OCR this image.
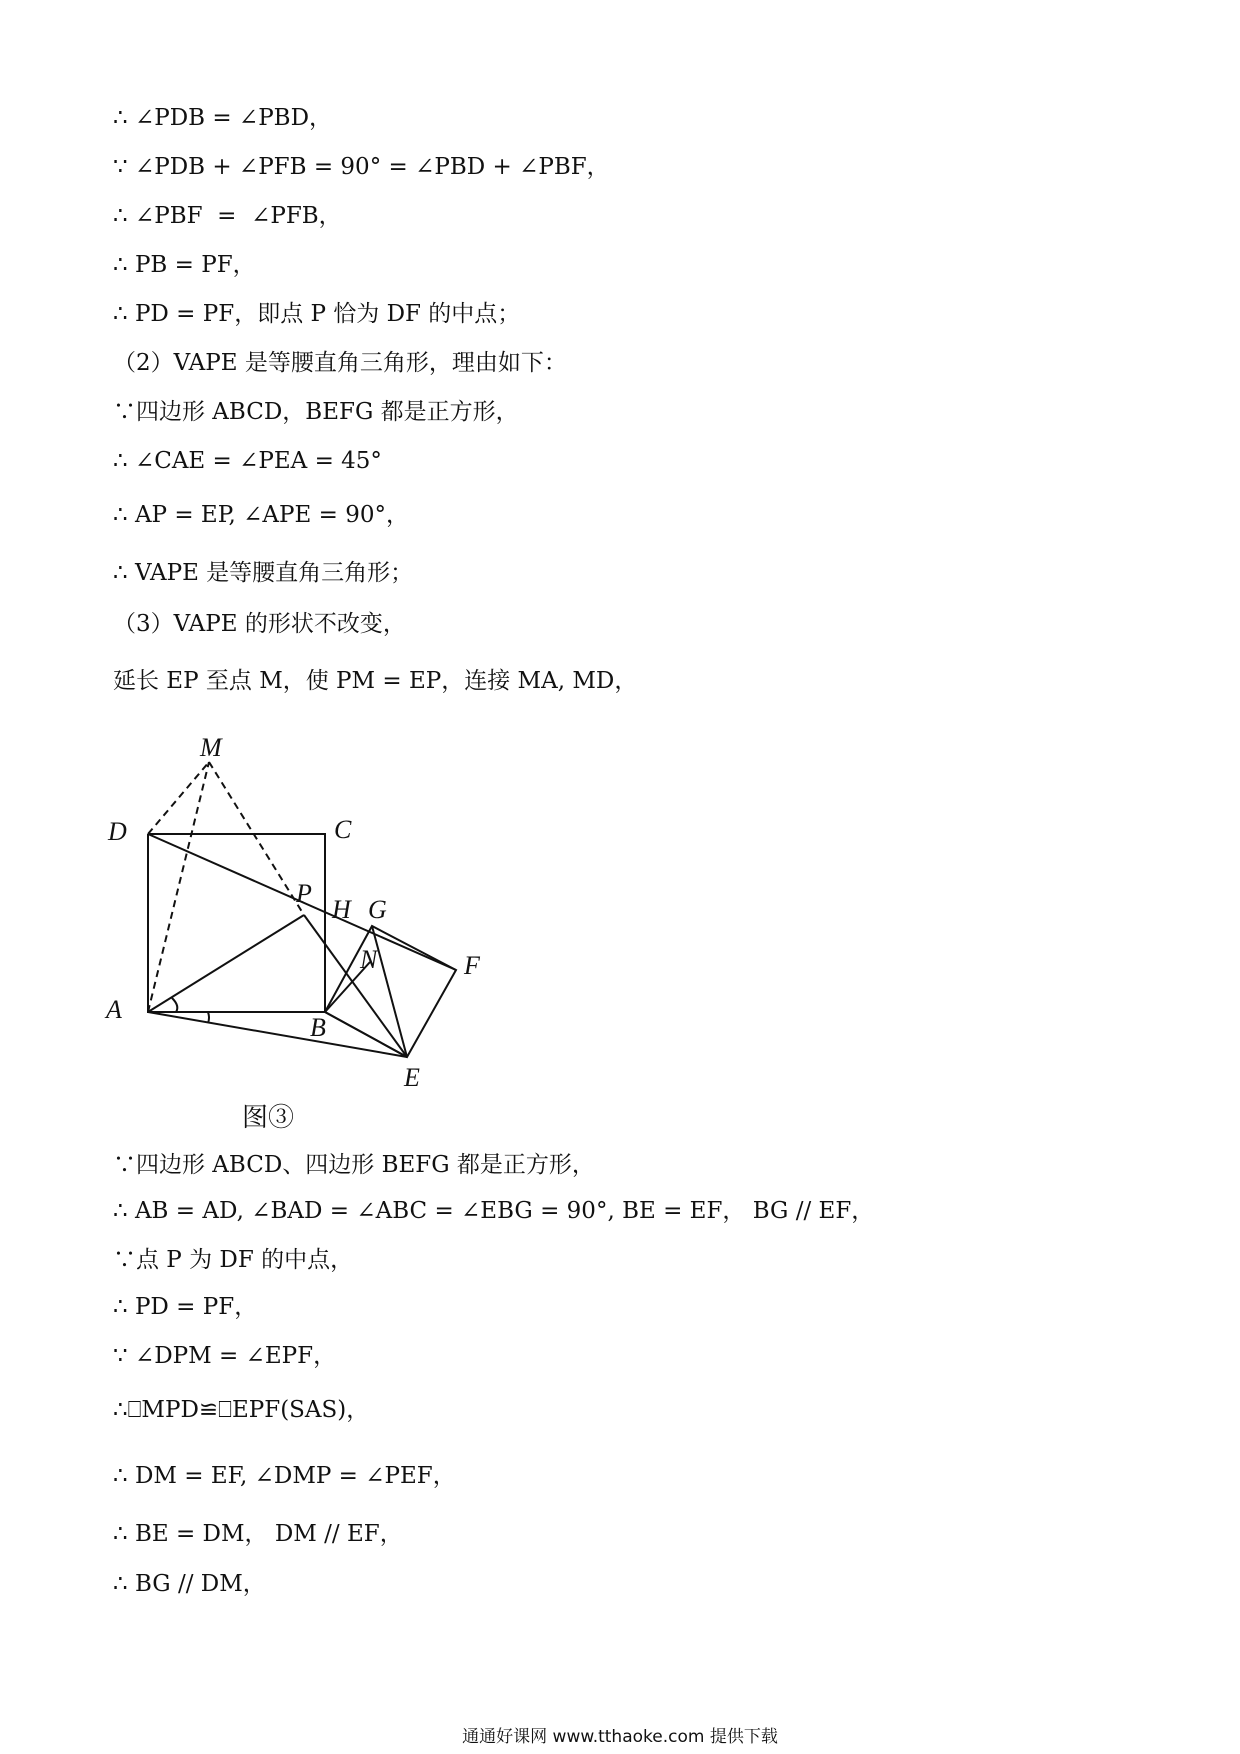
∴ ∠PDB = ∠PBD，
∵ ∠PDB + ∠PFB = 90° = ∠PBD + ∠PBF，
∴ ∠PBF  =  ∠PFB，
∴ PB = PF，
∴ PD = PF，即点 P 恰为 DF 的中点；
（2）VAPE 是等腰直角三角形，理由如下：
∵四边形 ABCD，BEFG 都是正方形，
∴ ∠CAE = ∠PEA = 45°
∴ AP = EP, ∠APE = 90°，
∴ VAPE 是等腰直角三角形；
（3）VAPE 的形状不改变，
延长 EP 至点 M，使 PM = EP，连接 MA, MD，
M
D	C
P
H G
N	F
A
B
E
图③
∵四边形 ABCD、四边形 BEFG 都是正方形，
∴ AB = AD, ∠BAD = ∠ABC = ∠EBG = 90°, BE = EF， BG // EF，
∵点 P 为 DF 的中点，
∴ PD = PF，
∵ ∠DPM = ∠EPF，
∴⎕MPD≌⎕EPF(SAS)，
∴ DM = EF, ∠DMP = ∠PEF，
∴ BE = DM， DM // EF，
∴ BG // DM，
通通好课网 www.tthaoke.com 提供下载
